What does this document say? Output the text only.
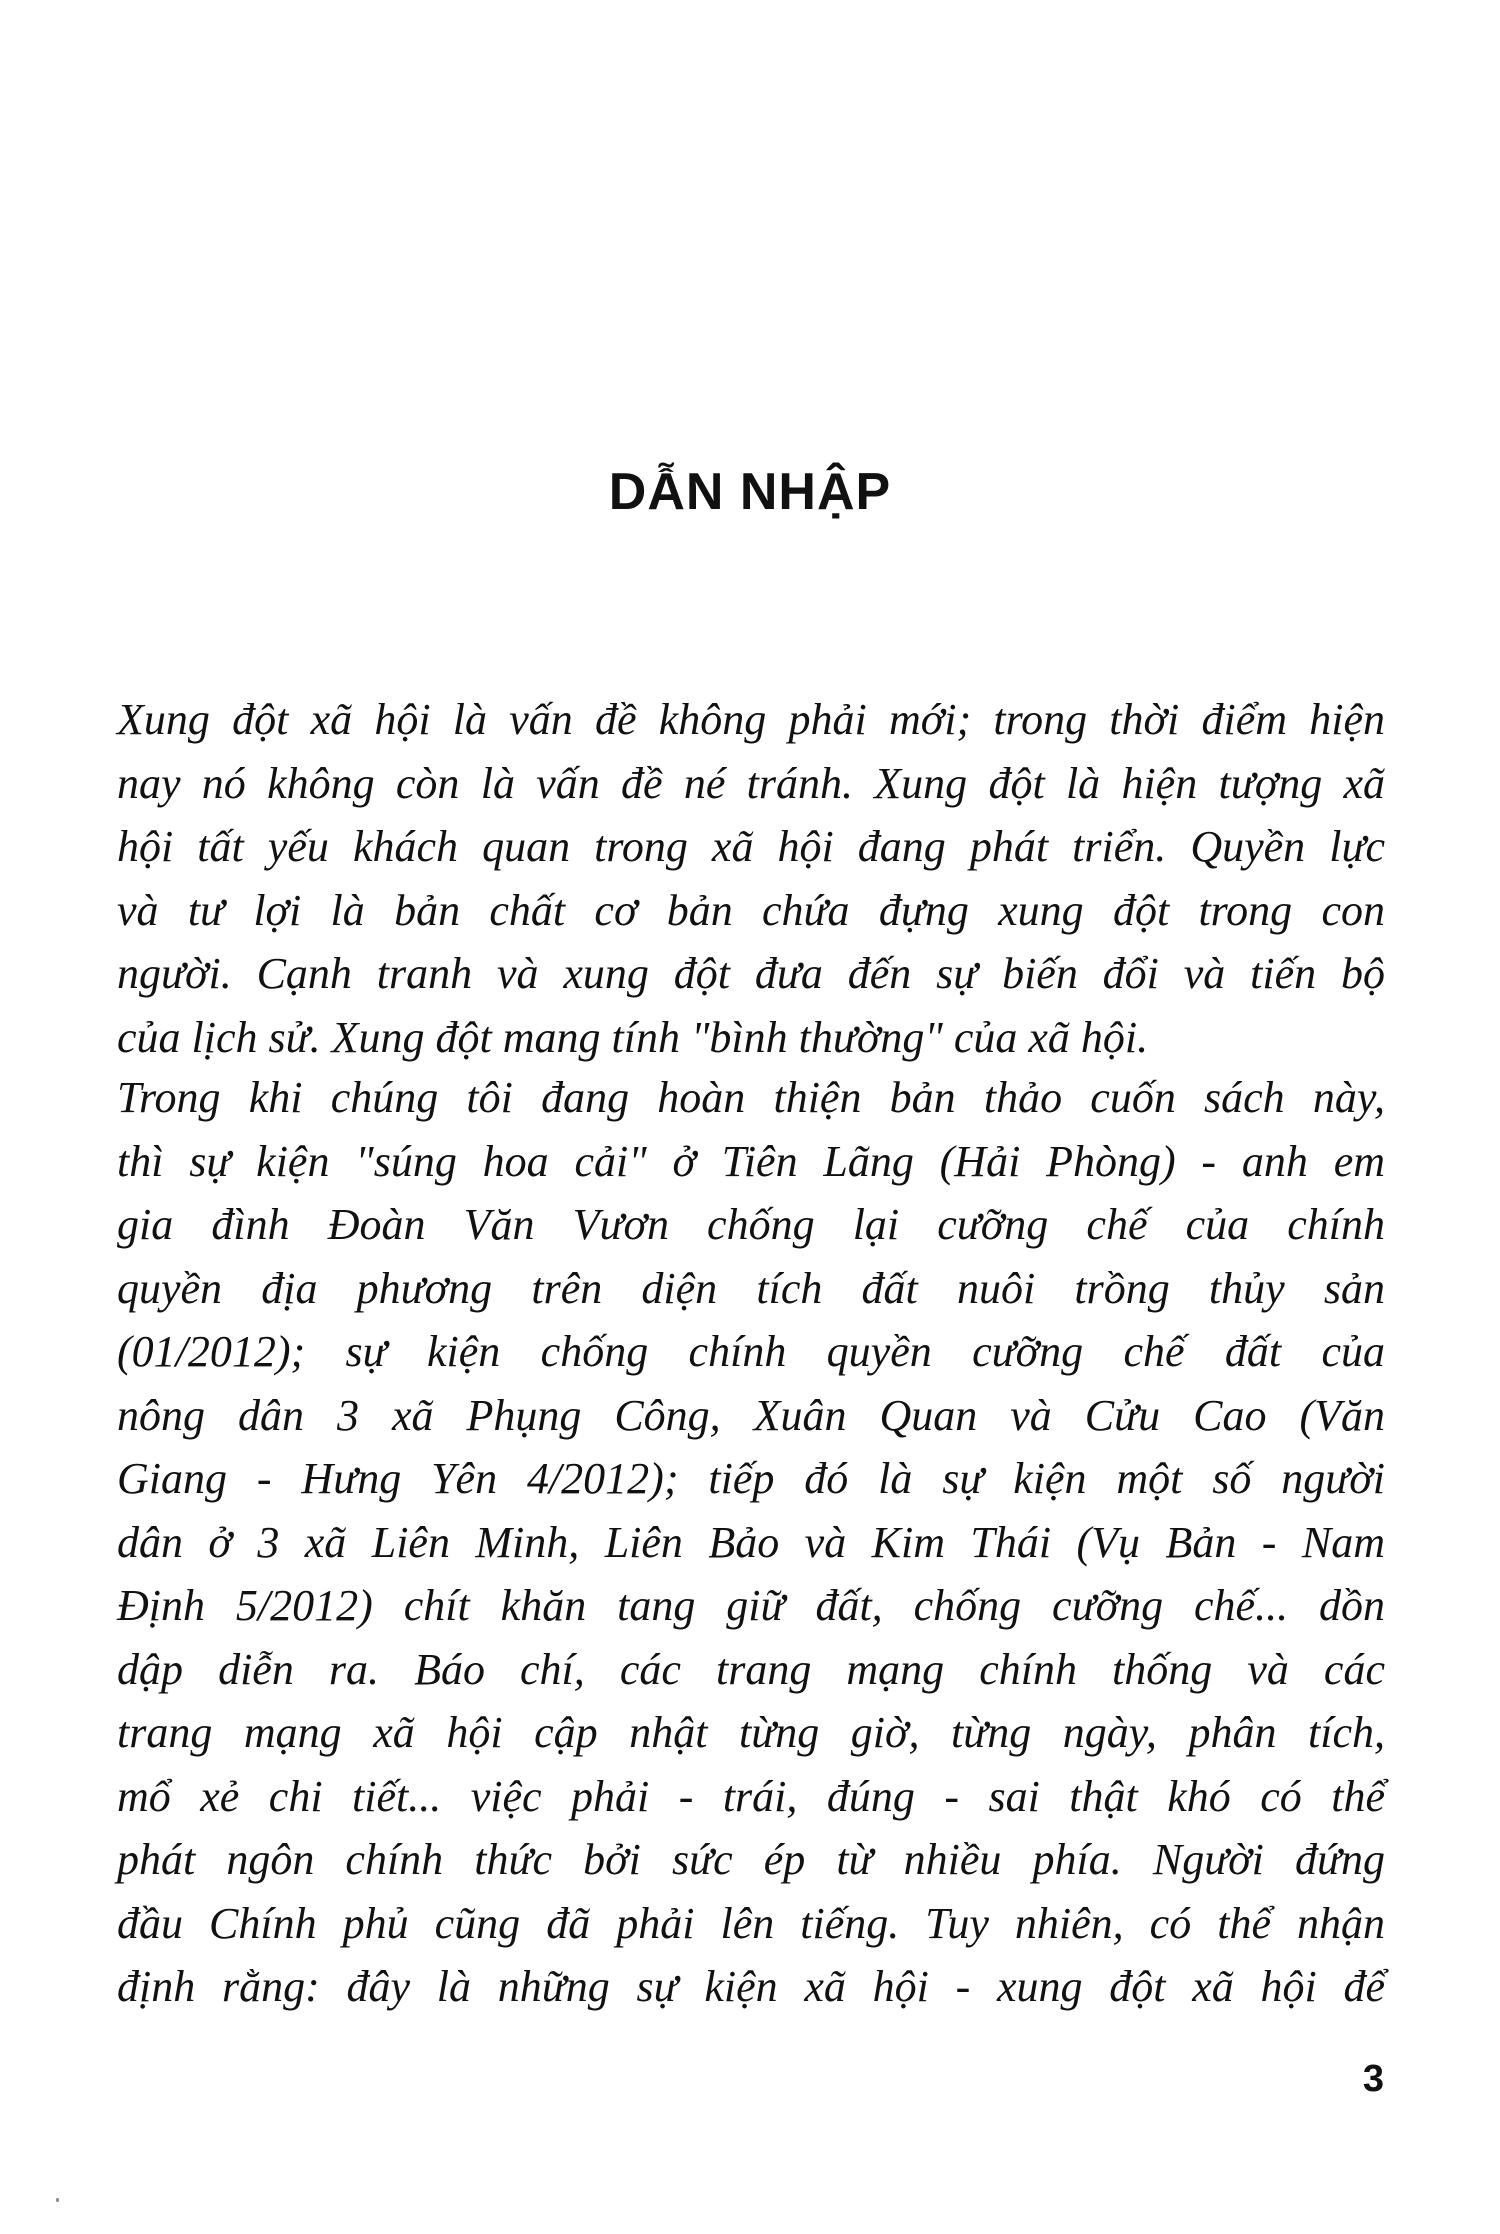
DẪN NHẬP
Xung đột xã hội là vấn đề không phải mới; trong thời điểm hiện
nay nó không còn là vấn đề né tránh. Xung đột là hiện tượng xã
hội tất yếu khách quan trong xã hội đang phát triển. Quyền lực
và tư lợi là bản chất cơ bản chứa đựng xung đột trong con
người. Cạnh tranh và xung đột đưa đến sự biến đổi và tiến bộ
của lịch sử. Xung đột mang tính "bình thường" của xã hội.
Trong khi chúng tôi đang hoàn thiện bản thảo cuốn sách này,
thì sự kiện "súng hoa cải" ở Tiên Lãng (Hải Phòng) - anh em
gia đình Đoàn Văn Vươn chống lại cưỡng chế của chính
quyền địa phương trên diện tích đất nuôi trồng thủy sản
(01/2012); sự kiện chống chính quyền cưỡng chế đất của
nông dân 3 xã Phụng Công, Xuân Quan và Cửu Cao (Văn
Giang - Hưng Yên 4/2012); tiếp đó là sự kiện một số người
dân ở 3 xã Liên Minh, Liên Bảo và Kim Thái (Vụ Bản - Nam
Định 5/2012) chít khăn tang giữ đất, chống cưỡng chế... dồn
dập diễn ra. Báo chí, các trang mạng chính thống và các
trang mạng xã hội cập nhật từng giờ, từng ngày, phân tích,
mổ xẻ chi tiết... việc phải - trái, đúng - sai thật khó có thể
phát ngôn chính thức bởi sức ép từ nhiều phía. Người đứng
đầu Chính phủ cũng đã phải lên tiếng. Tuy nhiên, có thể nhận
định rằng: đây là những sự kiện xã hội - xung đột xã hội để
3
